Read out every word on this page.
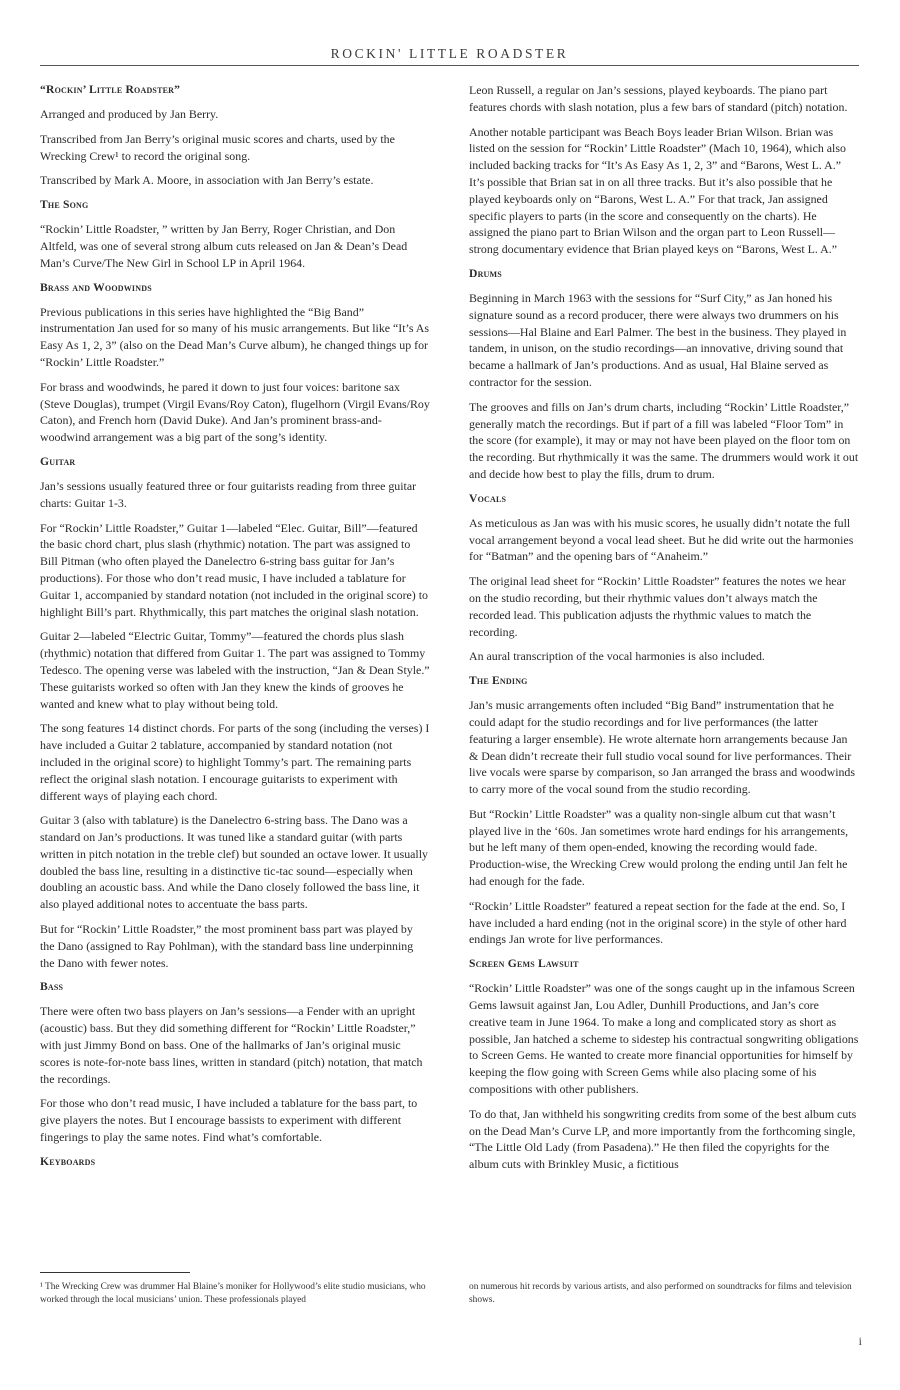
ROCKIN' LITTLE ROADSTER
“Rockin’ Little Roadster”

Arranged and produced by Jan Berry.

Transcribed from Jan Berry’s original music scores and charts, used by the Wrecking Crew¹ to record the original song.

Transcribed by Mark A. Moore, in association with Jan Berry’s estate.

The Song

“Rockin’ Little Roadster, ” written by Jan Berry, Roger Christian, and Don Altfeld, was one of several strong album cuts released on Jan & Dean’s Dead Man’s Curve/The New Girl in School LP in April 1964.

Brass and Woodwinds

Previous publications in this series have highlighted the “Big Band” instrumentation Jan used for so many of his music arrangements. But like “It’s As Easy As 1, 2, 3” (also on the Dead Man’s Curve album), he changed things up for “Rockin’ Little Roadster.”

For brass and woodwinds, he pared it down to just four voices: baritone sax (Steve Douglas), trumpet (Virgil Evans/Roy Caton), flugelhorn (Virgil Evans/Roy Caton), and French horn (David Duke). And Jan’s prominent brass-and-woodwind arrangement was a big part of the song’s identity.

Guitar

Jan’s sessions usually featured three or four guitarists reading from three guitar charts: Guitar 1-3.

For “Rockin’ Little Roadster,” Guitar 1—labeled “Elec. Guitar, Bill”—featured the basic chord chart, plus slash (rhythmic) notation. The part was assigned to Bill Pitman (who often played the Danelectro 6-string bass guitar for Jan’s productions). For those who don’t read music, I have included a tablature for Guitar 1, accompanied by standard notation (not included in the original score) to highlight Bill’s part. Rhythmically, this part matches the original slash notation.

Guitar 2—labeled “Electric Guitar, Tommy”—featured the chords plus slash (rhythmic) notation that differed from Guitar 1. The part was assigned to Tommy Tedesco. The opening verse was labeled with the instruction, “Jan & Dean Style.” These guitarists worked so often with Jan they knew the kinds of grooves he wanted and knew what to play without being told.

The song features 14 distinct chords. For parts of the song (including the verses) I have included a Guitar 2 tablature, accompanied by standard notation (not included in the original score) to highlight Tommy’s part. The remaining parts reflect the original slash notation. I encourage guitarists to experiment with different ways of playing each chord.

Guitar 3 (also with tablature) is the Danelectro 6-string bass. The Dano was a standard on Jan’s productions. It was tuned like a standard guitar (with parts written in pitch notation in the treble clef) but sounded an octave lower. It usually doubled the bass line, resulting in a distinctive tic-tac sound—especially when doubling an acoustic bass. And while the Dano closely followed the bass line, it also played additional notes to accentuate the bass parts.

But for “Rockin’ Little Roadster,” the most prominent bass part was played by the Dano (assigned to Ray Pohlman), with the standard bass line underpinning the Dano with fewer notes.

Bass

There were often two bass players on Jan’s sessions—a Fender with an upright (acoustic) bass. But they did something different for “Rockin’ Little Roadster,” with just Jimmy Bond on bass. One of the hallmarks of Jan’s original music scores is note-for-note bass lines, written in standard (pitch) notation, that match the recordings.

For those who don’t read music, I have included a tablature for the bass part, to give players the notes. But I encourage bassists to experiment with different fingerings to play the same notes. Find what’s comfortable.

Keyboards

Leon Russell, a regular on Jan’s sessions, played keyboards. The piano part features chords with slash notation, plus a few bars of standard (pitch) notation.

Another notable participant was Beach Boys leader Brian Wilson. Brian was listed on the session for “Rockin’ Little Roadster” (Mach 10, 1964), which also included backing tracks for “It’s As Easy As 1, 2, 3” and “Barons, West L. A.” It’s possible that Brian sat in on all three tracks. But it’s also possible that he played keyboards only on “Barons, West L. A.” For that track, Jan assigned specific players to parts (in the score and consequently on the charts). He assigned the piano part to Brian Wilson and the organ part to Leon Russell—strong documentary evidence that Brian played keys on “Barons, West L. A.”

Drums

Beginning in March 1963 with the sessions for “Surf City,” as Jan honed his signature sound as a record producer, there were always two drummers on his sessions—Hal Blaine and Earl Palmer. The best in the business. They played in tandem, in unison, on the studio recordings—an innovative, driving sound that became a hallmark of Jan’s productions. And as usual, Hal Blaine served as contractor for the session.

The grooves and fills on Jan’s drum charts, including “Rockin’ Little Roadster,” generally match the recordings. But if part of a fill was labeled “Floor Tom” in the score (for example), it may or may not have been played on the floor tom on the recording. But rhythmically it was the same. The drummers would work it out and decide how best to play the fills, drum to drum.

Vocals

As meticulous as Jan was with his music scores, he usually didn’t notate the full vocal arrangement beyond a vocal lead sheet. But he did write out the harmonies for “Batman” and the opening bars of “Anaheim.”

The original lead sheet for “Rockin’ Little Roadster” features the notes we hear on the studio recording, but their rhythmic values don’t always match the recorded lead. This publication adjusts the rhythmic values to match the recording.

An aural transcription of the vocal harmonies is also included.

The Ending

Jan’s music arrangements often included “Big Band” instrumentation that he could adapt for the studio recordings and for live performances (the latter featuring a larger ensemble). He wrote alternate horn arrangements because Jan & Dean didn’t recreate their full studio vocal sound for live performances. Their live vocals were sparse by comparison, so Jan arranged the brass and woodwinds to carry more of the vocal sound from the studio recording.

But “Rockin’ Little Roadster” was a quality non-single album cut that wasn’t played live in the ‘60s. Jan sometimes wrote hard endings for his arrangements, but he left many of them open-ended, knowing the recording would fade. Production-wise, the Wrecking Crew would prolong the ending until Jan felt he had enough for the fade.

“Rockin’ Little Roadster” featured a repeat section for the fade at the end. So, I have included a hard ending (not in the original score) in the style of other hard endings Jan wrote for live performances.

Screen Gems Lawsuit

“Rockin’ Little Roadster” was one of the songs caught up in the infamous Screen Gems lawsuit against Jan, Lou Adler, Dunhill Productions, and Jan’s core creative team in June 1964. To make a long and complicated story as short as possible, Jan hatched a scheme to sidestep his contractual songwriting obligations to Screen Gems. He wanted to create more financial opportunities for himself by keeping the flow going with Screen Gems while also placing some of his compositions with other publishers.

To do that, Jan withheld his songwriting credits from some of the best album cuts on the Dead Man’s Curve LP, and more importantly from the forthcoming single, “The Little Old Lady (from Pasadena).” He then filed the copyrights for the album cuts with Brinkley Music, a fictitious

¹ The Wrecking Crew was drummer Hal Blaine’s moniker for Hollywood’s elite studio musicians, who worked through the local musicians’ union. These professionals played
on numerous hit records by various artists, and also performed on soundtracks for films and television shows.
i
